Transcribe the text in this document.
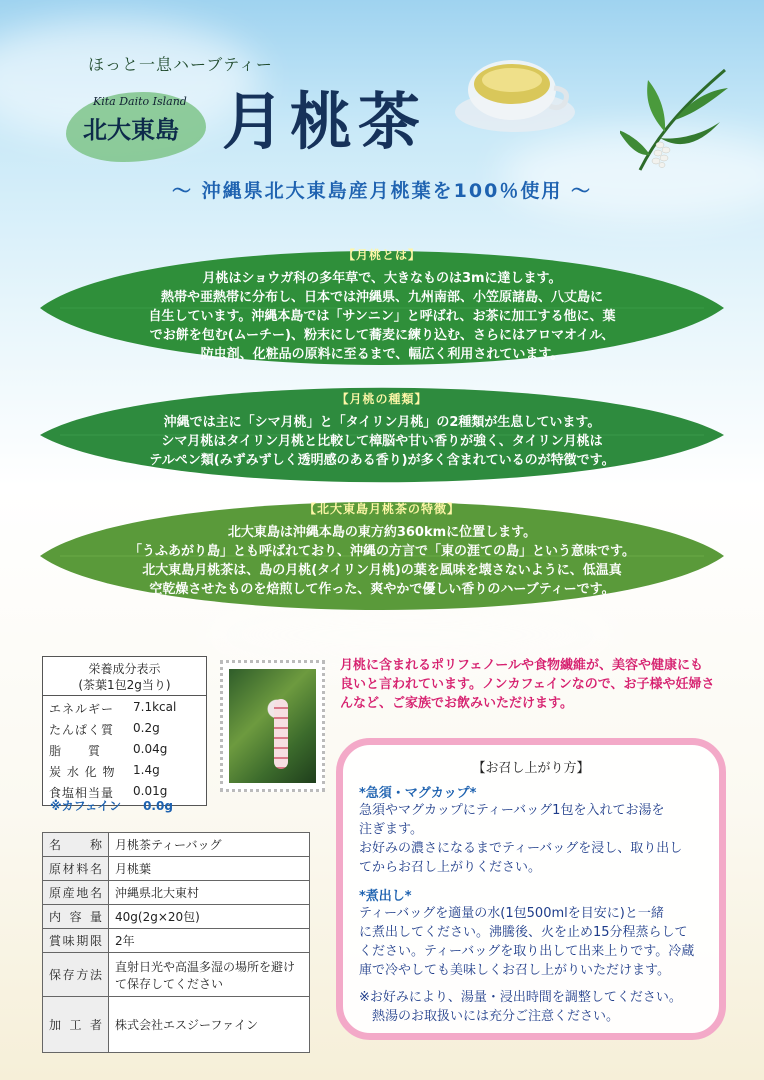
ほっと一息ハーブティー
Kita Daito Island
北大東島 月桃茶
～ 沖縄県北大東島産月桃葉を100％使用 ～
【月桃とは】
月桃はショウガ科の多年草で、大きなものは3mに達します。
熱帯や亜熱帯に分布し、日本では沖縄県、九州南部、小笠原諸島、八丈島に
自生しています。沖縄本島では「サンニン」と呼ばれ、お茶に加工する他に、葉
でお餅を包む(ムーチー)、粉末にして蕎麦に練り込む、さらにはアロマオイル、
防虫剤、化粧品の原料に至るまで、幅広く利用されています。
【月桃の種類】
沖縄では主に「シマ月桃」と「タイリン月桃」の2種類が生息しています。
シマ月桃はタイリン月桃と比較して樟脳や甘い香りが強く、タイリン月桃は
テルペン類(みずみずしく透明感のある香り)が多く含まれているのが特徴です。
【北大東島月桃茶の特徴】
北大東島は沖縄本島の東方約360kmに位置します。
「うふあがり島」とも呼ばれており、沖縄の方言で「東の涯ての島」という意味です。
北大東島月桃茶は、島の月桃(タイリン月桃)の葉を風味を壊さないように、低温真
空乾燥させたものを焙煎して作った、爽やかで優しい香りのハーブティーです。
栄養成分表示
(茶葉1包2g当り)
エネルギー	7.1kcal
たんぱく質	0.2g
脂　　質	0.04g
炭 水 化 物	1.4g
食塩相当量	0.01g
※カフェイン 0.0g
名　　称	月桃茶ティーバッグ
原材料名	月桃葉
原産地名	沖縄県北大東村
内 容 量	40g(2g×20包)
賞味期限	2年
保存方法	直射日光や高温多湿の場所を避けて保存してください
加 工 者	株式会社エスジーファイン
月桃に含まれるポリフェノールや食物繊維が、美容や健康にも
良いと言われています。ノンカフェインなので、お子様や妊婦さ
んなど、ご家族でお飲みいただけます。
【お召し上がり方】
*急須・マグカップ*
急須やマグカップにティーバッグ1包を入れてお湯を
注ぎます。
お好みの濃さになるまでティーバッグを浸し、取り出し
てからお召し上がりください。
*煮出し*
ティーバッグを適量の水(1包500mlを目安に)と一緒
に煮出してください。沸騰後、火を止め15分程蒸らして
ください。ティーバッグを取り出して出来上りです。冷蔵
庫で冷やしても美味しくお召し上がりいただけます。
※お好みにより、湯量・浸出時間を調整してください。
　熱湯のお取扱いには充分ご注意ください。
